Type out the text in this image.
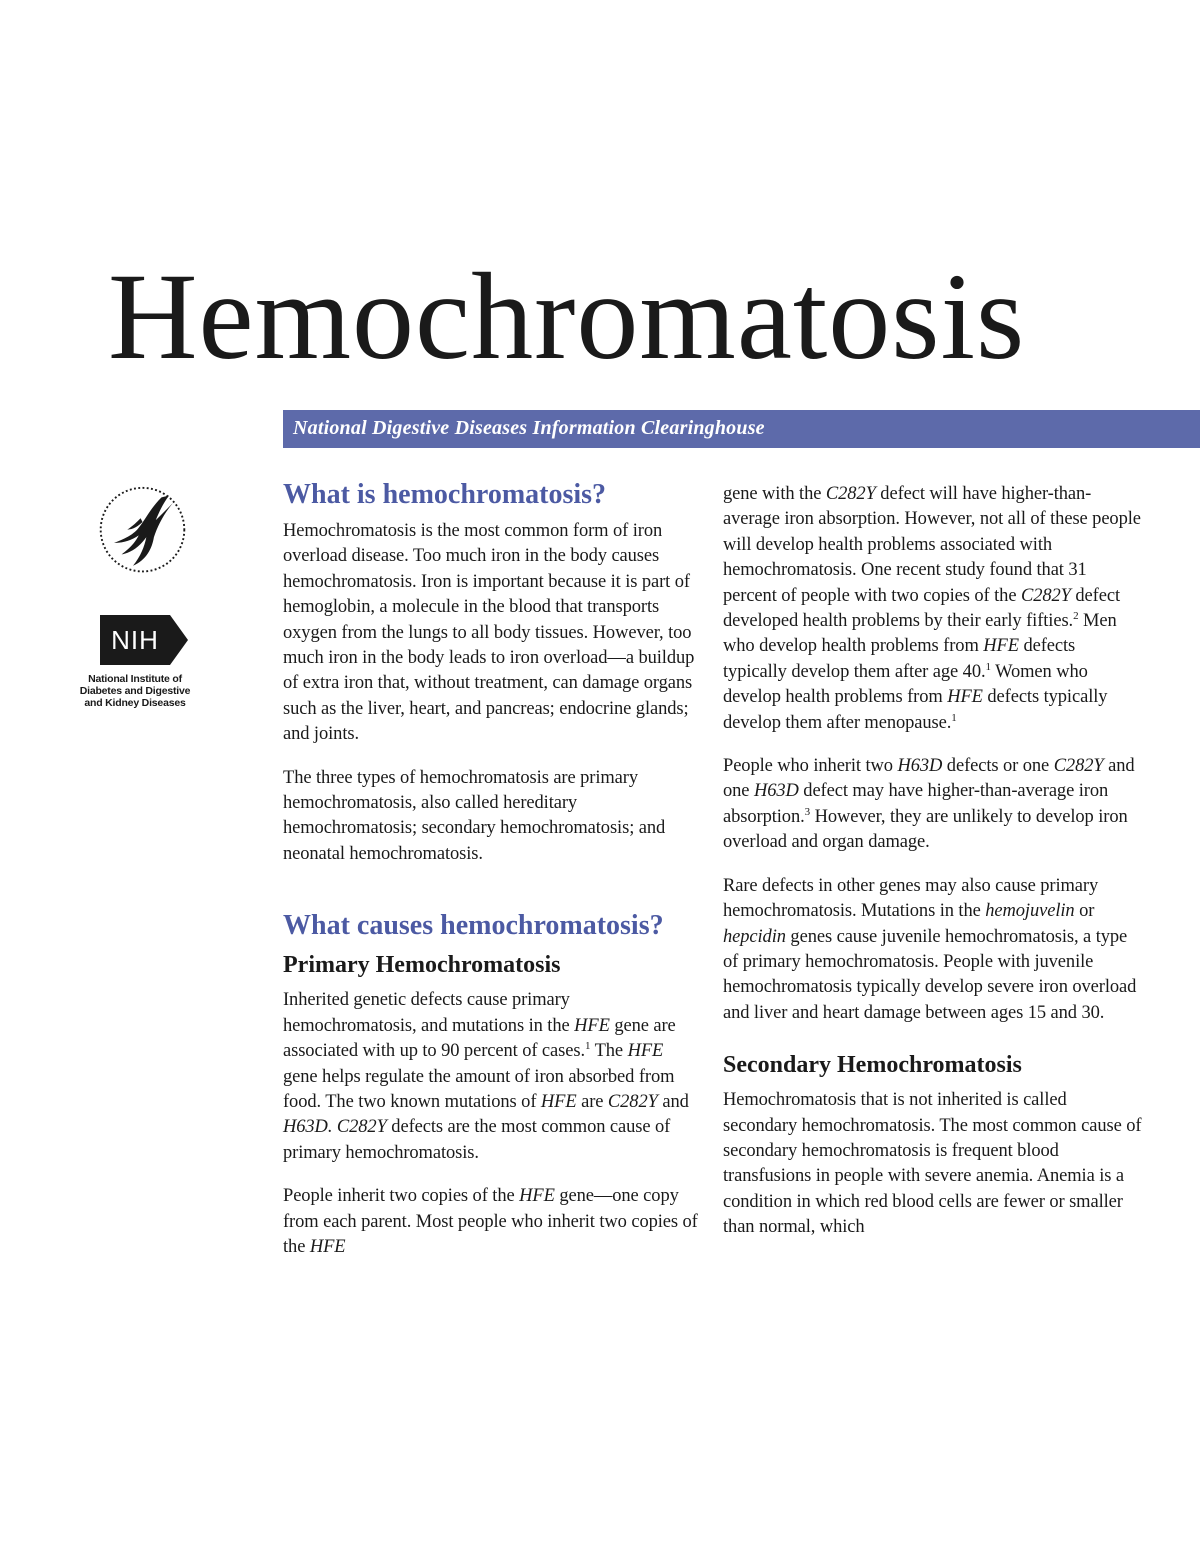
Hemochromatosis
National Digestive Diseases Information Clearinghouse
NIH
National Institute of Diabetes and Digestive and Kidney Diseases
What is hemochromatosis?

Hemochromatosis is the most common form of iron overload disease. Too much iron in the body causes hemochromatosis. Iron is important because it is part of hemoglobin, a molecule in the blood that transports oxygen from the lungs to all body tissues. However, too much iron in the body leads to iron overload—a buildup of extra iron that, without treatment, can damage organs such as the liver, heart, and pancreas; endocrine glands; and joints.

The three types of hemochromatosis are primary hemochromatosis, also called hereditary hemochromatosis; secondary hemochromatosis; and neonatal hemochromatosis.

What causes hemochromatosis?
Primary Hemochromatosis

Inherited genetic defects cause primary hemochromatosis, and mutations in the HFE gene are associated with up to 90 percent of cases.$^1$ The HFE gene helps regulate the amount of iron absorbed from food. The two known mutations of HFE are C282Y and H63D. C282Y defects are the most common cause of primary hemochromatosis.

People inherit two copies of the HFE gene—one copy from each parent. Most people who inherit two copies of the HFE

gene with the C282Y defect will have higher-than-average iron absorption. However, not all of these people will develop health problems associated with hemochromatosis. One recent study found that 31 percent of people with two copies of the C282Y defect developed health problems by their early fifties.$^2$ Men who develop health problems from HFE defects typically develop them after age 40.$^1$ Women who develop health problems from HFE defects typically develop them after menopause.$^1$

People who inherit two H63D defects or one C282Y and one H63D defect may have higher-than-average iron absorption.$^3$ However, they are unlikely to develop iron overload and organ damage.

Rare defects in other genes may also cause primary hemochromatosis. Mutations in the hemojuvelin or hepcidin genes cause juvenile hemochromatosis, a type of primary hemochromatosis. People with juvenile hemochromatosis typically develop severe iron overload and liver and heart damage between ages 15 and 30.

Secondary Hemochromatosis

Hemochromatosis that is not inherited is called secondary hemochromatosis. The most common cause of secondary hemochromatosis is frequent blood transfusions in people with severe anemia. Anemia is a condition in which red blood cells are fewer or smaller than normal, which
